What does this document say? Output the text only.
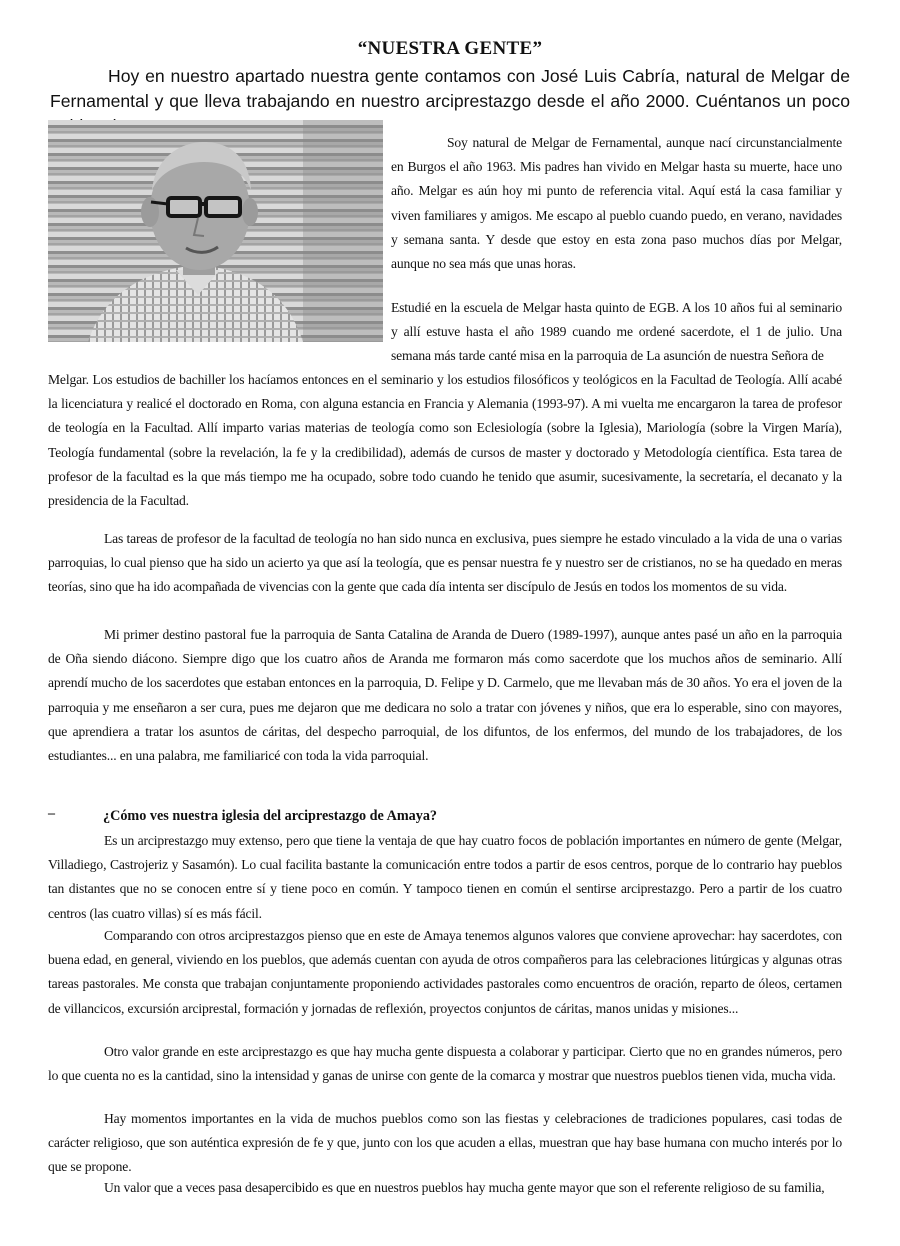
“NUESTRA GENTE”
Hoy en nuestro apartado nuestra gente contamos con José Luis Cabría, natural de Melgar de Fernamental y que lleva trabajando en nuestro arciprestazgo desde el año 2000. Cuéntanos un poco
Soy natural de Melgar de Fernamental, aunque nací circunstancialmente en Burgos el año 1963. Mis padres han vivido en Melgar hasta su muerte, hace uno año. Melgar es aún hoy mi punto de referencia vital. Aquí está la casa familiar y viven familiares y amigos. Me escapo al pueblo cuando puedo, en verano, navidades y semana santa. Y desde que estoy en esta zona paso muchos días por Melgar, aunque no sea más que unas horas.
Estudié en la escuela de Melgar hasta quinto de EGB. A los 10 años fui al seminario y allí estuve hasta el año 1989 cuando me ordené sacerdote, el 1 de julio. Una semana más tarde canté misa en la parroquia de La asunción de nuestra Señora de
Melgar. Los estudios de bachiller los hacíamos entonces en el seminario y los estudios filosóficos y teológicos en la Facultad de Teología. Allí acabé la licenciatura y realicé el doctorado en Roma, con alguna estancia en Francia y Alemania (1993-97). A mi vuelta me encargaron la tarea de profesor de teología en la Facultad. Allí imparto varias materias de teología como son Eclesiología (sobre la Iglesia), Mariología (sobre la Virgen María), Teología fundamental (sobre la revelación, la fe y la credibilidad), además de cursos de master y doctorado y Metodología científica. Esta tarea de profesor de la facultad es la que más tiempo me ha ocupado, sobre todo cuando he tenido que asumir, sucesivamente, la secretaría, el decanato y la presidencia de la Facultad.
Las tareas de profesor de la facultad de teología no han sido nunca en exclusiva, pues siempre he estado vinculado a la vida de una o varias parroquias, lo cual pienso que ha sido un acierto ya que así la teología, que es pensar nuestra fe y nuestro ser de cristianos, no se ha quedado en meras teorías, sino que ha ido acompañada de vivencias con la gente que cada día intenta ser discípulo de Jesús en todos los momentos de su vida.
Mi primer destino pastoral fue la parroquia de Santa Catalina de Aranda de Duero (1989-1997), aunque antes pasé un año en la parroquia de Oña siendo diácono. Siempre digo que los cuatro años de Aranda me formaron más como sacerdote que los muchos años de seminario. Allí aprendí mucho de los sacerdotes que estaban entonces en la parroquia, D. Felipe y D. Carmelo, que me llevaban más de 30 años. Yo era el joven de la parroquia y me enseñaron a ser cura, pues me dejaron que me dedicara no solo a tratar con jóvenes y niños, que era lo esperable, sino con mayores, que aprendiera a tratar los asuntos de cáritas, del despecho parroquial, de los difuntos, de los enfermos, del mundo de los trabajadores, de los estudiantes... en una palabra, me familiaricé con toda la vida parroquial.
–	¿Cómo ves nuestra iglesia del arciprestazgo de Amaya?
Es un arciprestazgo muy extenso, pero que tiene la ventaja de que hay cuatro focos de población importantes en número de gente (Melgar, Villadiego, Castrojeriz y Sasamón). Lo cual facilita bastante la comunicación entre todos a partir de esos centros, porque de lo contrario hay pueblos tan distantes que no se conocen entre sí y tiene poco en común. Y tampoco tienen en común el sentirse arciprestazgo. Pero a partir de los cuatro centros (las cuatro villas) sí es más fácil.
Comparando con otros arciprestazgos pienso que en este de Amaya tenemos algunos valores que conviene aprovechar: hay sacerdotes, con buena edad, en general, viviendo en los pueblos, que además cuentan con ayuda de otros compañeros para las celebraciones litúrgicas y algunas otras tareas pastorales. Me consta que trabajan conjuntamente proponiendo actividades pastorales como encuentros de oración, reparto de óleos, certamen de villancicos, excursión arciprestal, formación y jornadas de reflexión, proyectos conjuntos de cáritas, manos unidas y misiones...
Otro valor grande en este arciprestazgo es que hay mucha gente dispuesta a colaborar y participar. Cierto que no en grandes números, pero lo que cuenta no es la cantidad, sino la intensidad y ganas de unirse con gente de la comarca y mostrar que nuestros pueblos tienen vida, mucha vida.
Hay momentos importantes en la vida de muchos pueblos como son las fiestas y celebraciones de tradiciones populares, casi todas de carácter religioso, que son auténtica expresión de fe y que, junto con los que acuden a ellas, muestran que hay base humana con mucho interés por lo que se propone.
Un valor que a veces pasa desapercibido es que en nuestros pueblos hay mucha gente mayor que son el referente religioso de su familia,
